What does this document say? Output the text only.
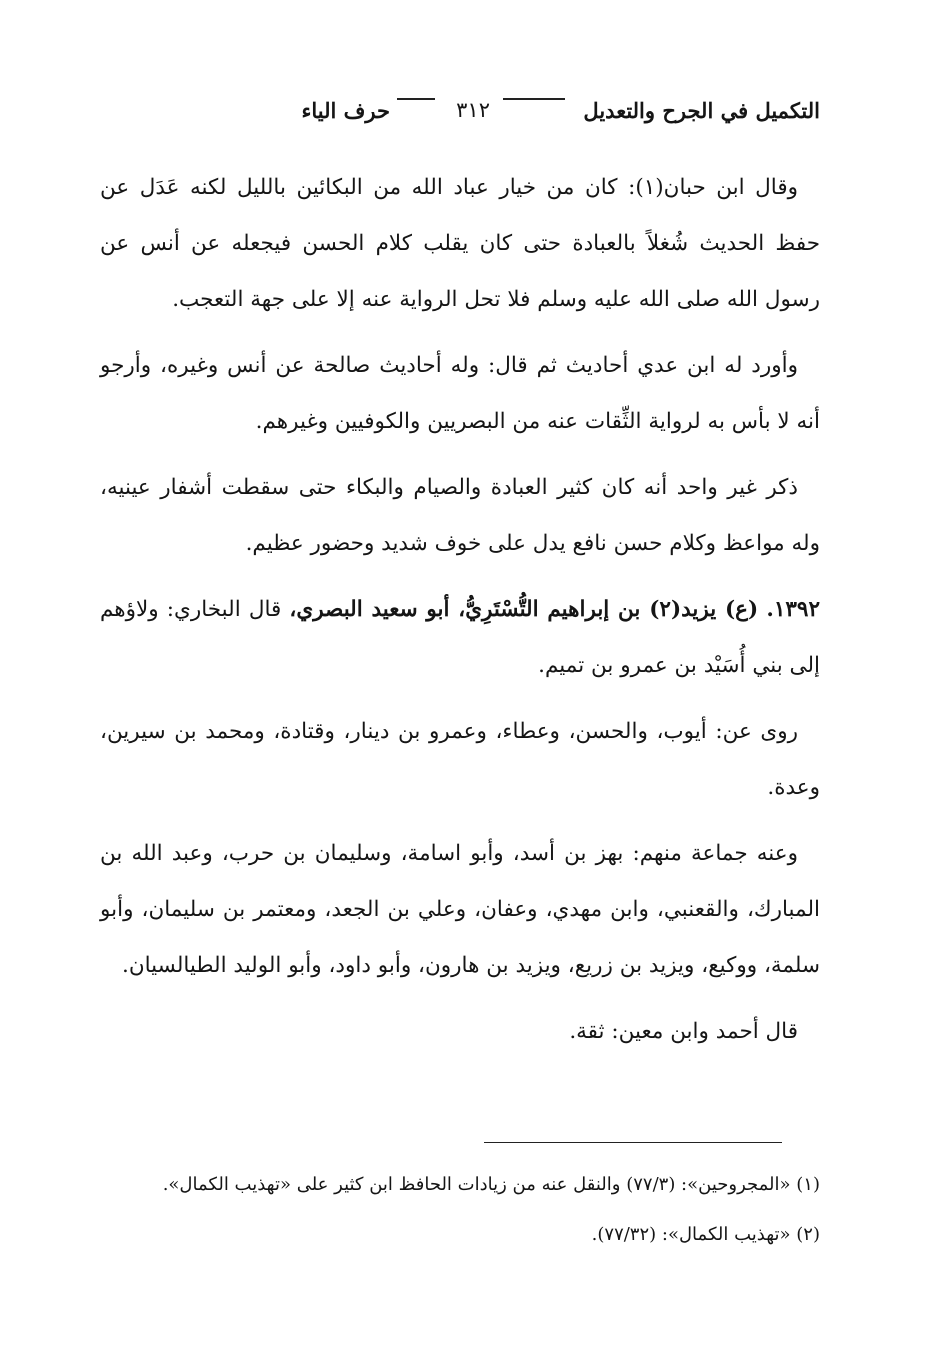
التكميل في الجرح والتعديل
٣١٢
حرف الياء

وقال ابن حبان(١): كان من خيار عباد الله من البكائين بالليل لكنه عَدَل عن حفظ الحديث شُغلاً بالعبادة حتى كان يقلب كلام الحسن فيجعله عن أنس عن رسول الله صلى الله عليه وسلم فلا تحل الرواية عنه إلا على جهة التعجب.

وأورد له ابن عدي أحاديث ثم قال: وله أحاديث صالحة عن أنس وغيره، وأرجو أنه لا بأس به لرواية الثِّقات عنه من البصريين والكوفيين وغيرهم.

ذكر غير واحد أنه كان كثير العبادة والصيام والبكاء حتى سقطت أشفار عينيه، وله مواعظ وكلام حسن نافع يدل على خوف شديد وحضور عظيم.

١٣٩٢. (ع) يزيد(٢) بن إبراهيم التُّسْتَرِيُّ، أبو سعيد البصري، قال البخاري: ولاؤهم إلى بني أُسَيْد بن عمرو بن تميم.

روى عن: أيوب، والحسن، وعطاء، وعمرو بن دينار، وقتادة، ومحمد بن سيرين، وعدة.

وعنه جماعة منهم: بهز بن أسد، وأبو اسامة، وسليمان بن حرب، وعبد الله بن المبارك، والقعنبي، وابن مهدي، وعفان، وعلي بن الجعد، ومعتمر بن سليمان، وأبو سلمة، ووكيع، ويزيد بن زريع، ويزيد بن هارون، وأبو داود، وأبو الوليد الطيالسيان.

قال أحمد وابن معين: ثقة.

(١) «المجروحين»: (٧٧/٣) والنقل عنه من زيادات الحافظ ابن كثير على «تهذيب الكمال».

(٢) «تهذيب الكمال»: (٧٧/٣٢).
